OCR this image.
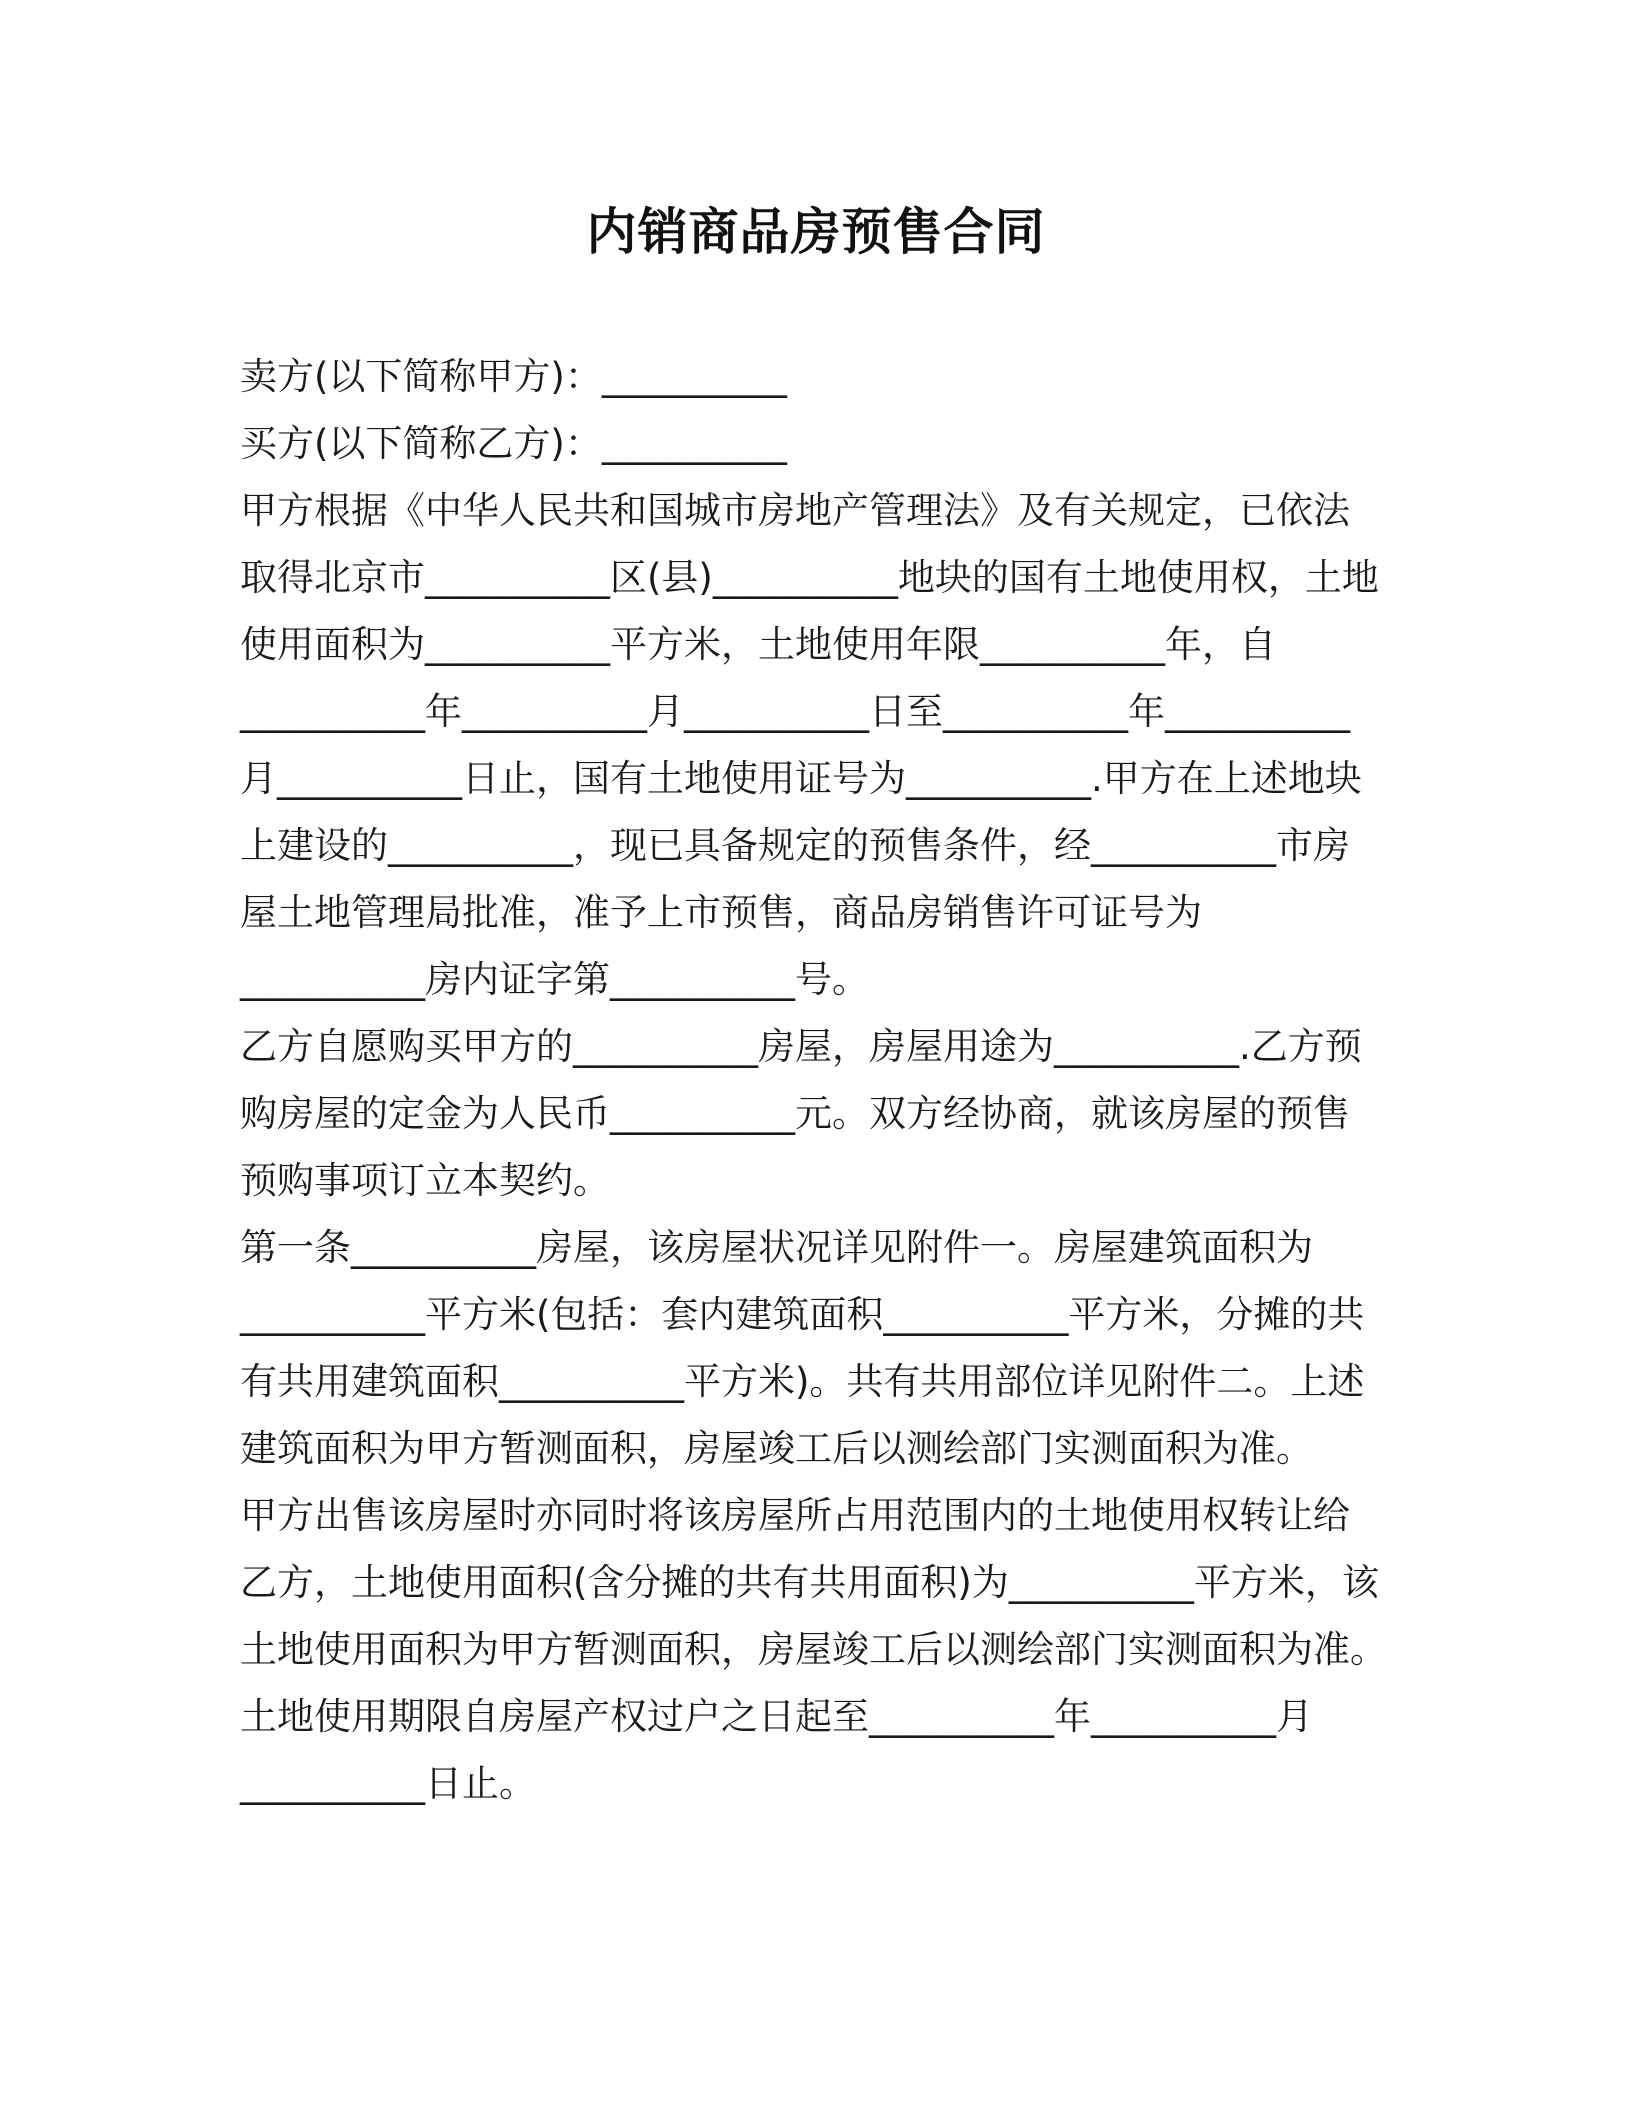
内销商品房预售合同
卖方(以下简称甲方)：__________
买方(以下简称乙方)：__________
甲方根据《中华人民共和国城市房地产管理法》及有关规定，已依法
取得北京市__________区(县)__________地块的国有土地使用权，土地
使用面积为__________平方米，土地使用年限__________年，自
__________年__________月__________日至__________年__________
月__________日止，国有土地使用证号为__________.甲方在上述地块
上建设的__________，现已具备规定的预售条件，经__________市房
屋土地管理局批准，准予上市预售，商品房销售许可证号为
__________房内证字第__________号。
乙方自愿购买甲方的__________房屋，房屋用途为__________.乙方预
购房屋的定金为人民币__________元。双方经协商，就该房屋的预售
预购事项订立本契约。
第一条__________房屋，该房屋状况详见附件一。房屋建筑面积为
__________平方米(包括：套内建筑面积__________平方米，分摊的共
有共用建筑面积__________平方米)。共有共用部位详见附件二。上述
建筑面积为甲方暂测面积，房屋竣工后以测绘部门实测面积为准。
甲方出售该房屋时亦同时将该房屋所占用范围内的土地使用权转让给
乙方，土地使用面积(含分摊的共有共用面积)为__________平方米，该
土地使用面积为甲方暂测面积，房屋竣工后以测绘部门实测面积为准。
土地使用期限自房屋产权过户之日起至__________年__________月
__________日止。
